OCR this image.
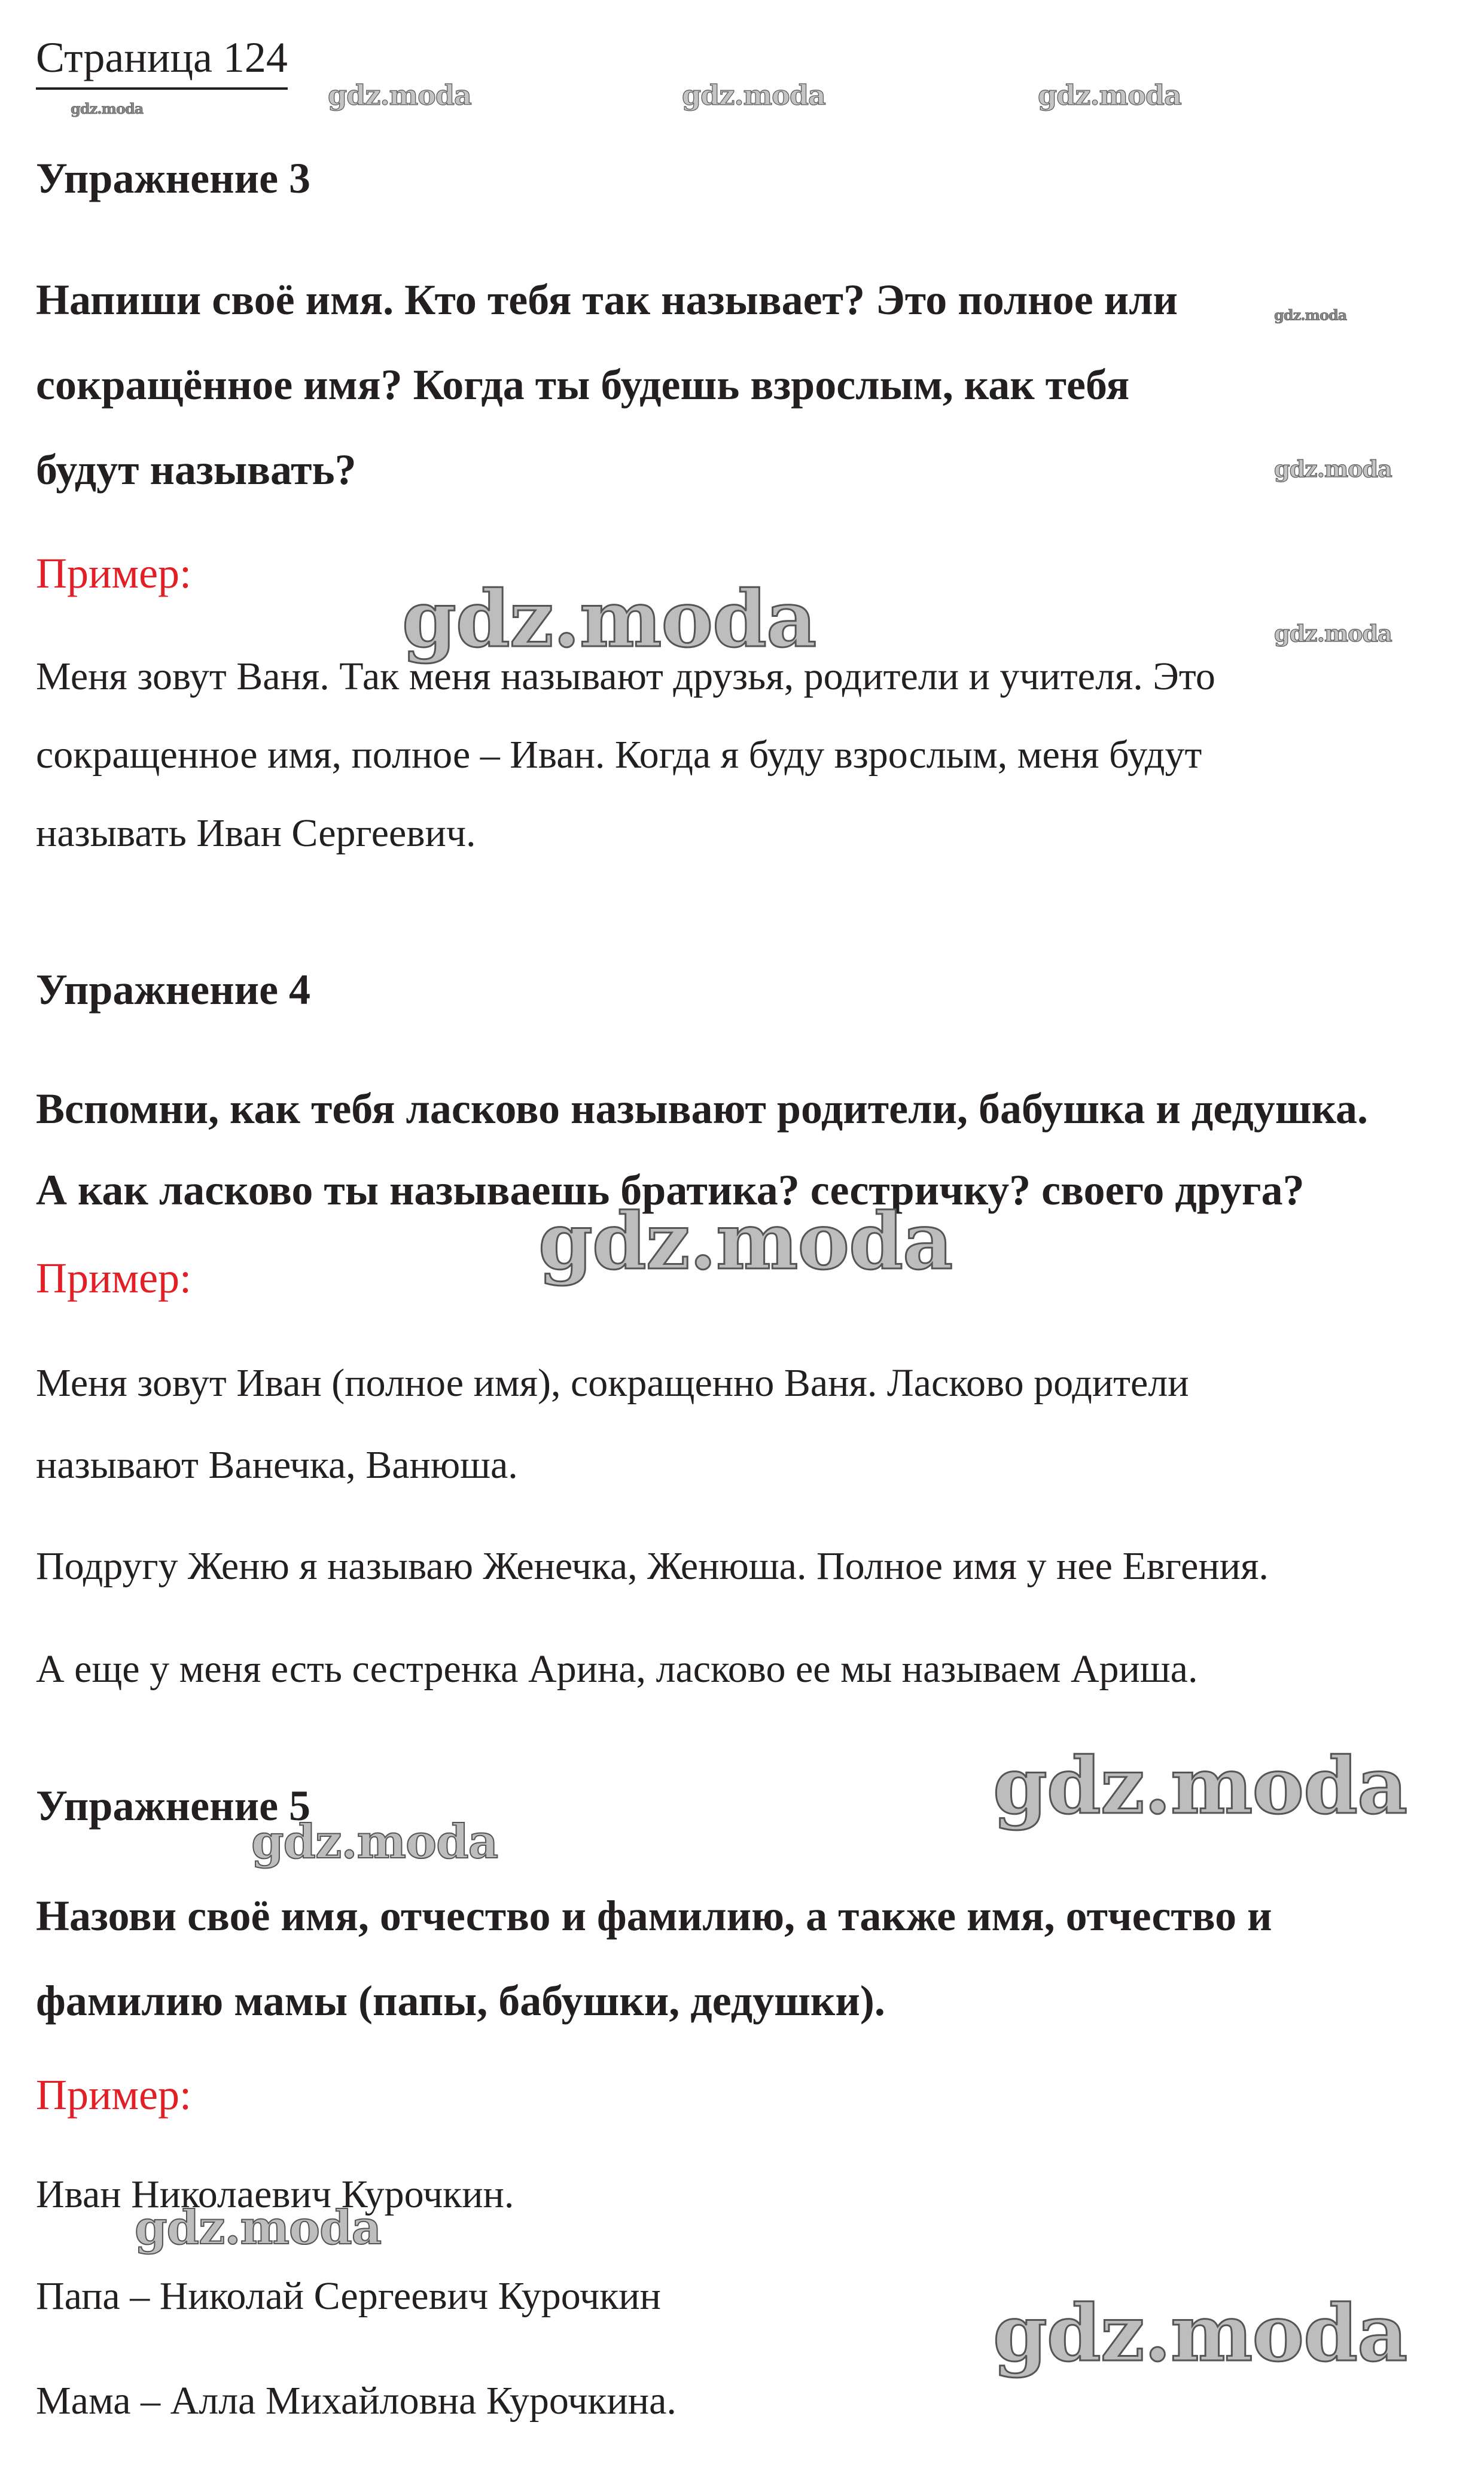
Страница 124
Упражнение 3
Напиши своё имя. Кто тебя так называет? Это полное или
сокращённое имя? Когда ты будешь взрослым, как тебя
будут называть?
Пример:
Меня зовут Ваня. Так меня называют друзья, родители и учителя. Это
сокращенное имя, полное – Иван. Когда я буду взрослым, меня будут
называть Иван Сергеевич.
Упражнение 4
Вспомни, как тебя ласково называют родители, бабушка и дедушка.
А как ласково ты называешь братика? сестричку? своего друга?
Пример:
Меня зовут Иван (полное имя), сокращенно Ваня. Ласково родители
называют Ванечка, Ванюша.
Подругу Женю я называю Женечка, Женюша. Полное имя у нее Евгения.
А еще у меня есть сестренка Арина, ласково ее мы называем Ариша.
Упражнение 5
Назови своё имя, отчество и фамилию, а также имя, отчество и
фамилию мамы (папы, бабушки, дедушки).
Пример:
Иван Николаевич Курочкин.
Папа – Николай Сергеевич Курочкин
Мама – Алла Михайловна Курочкина.
gdz.moda	gdz.moda	gdz.moda	gdz.moda
gdz.moda
gdz.moda
gdz.moda	gdz.moda
gdz.moda
gdz.moda
gdz.moda
gdz.moda
gdz.moda
